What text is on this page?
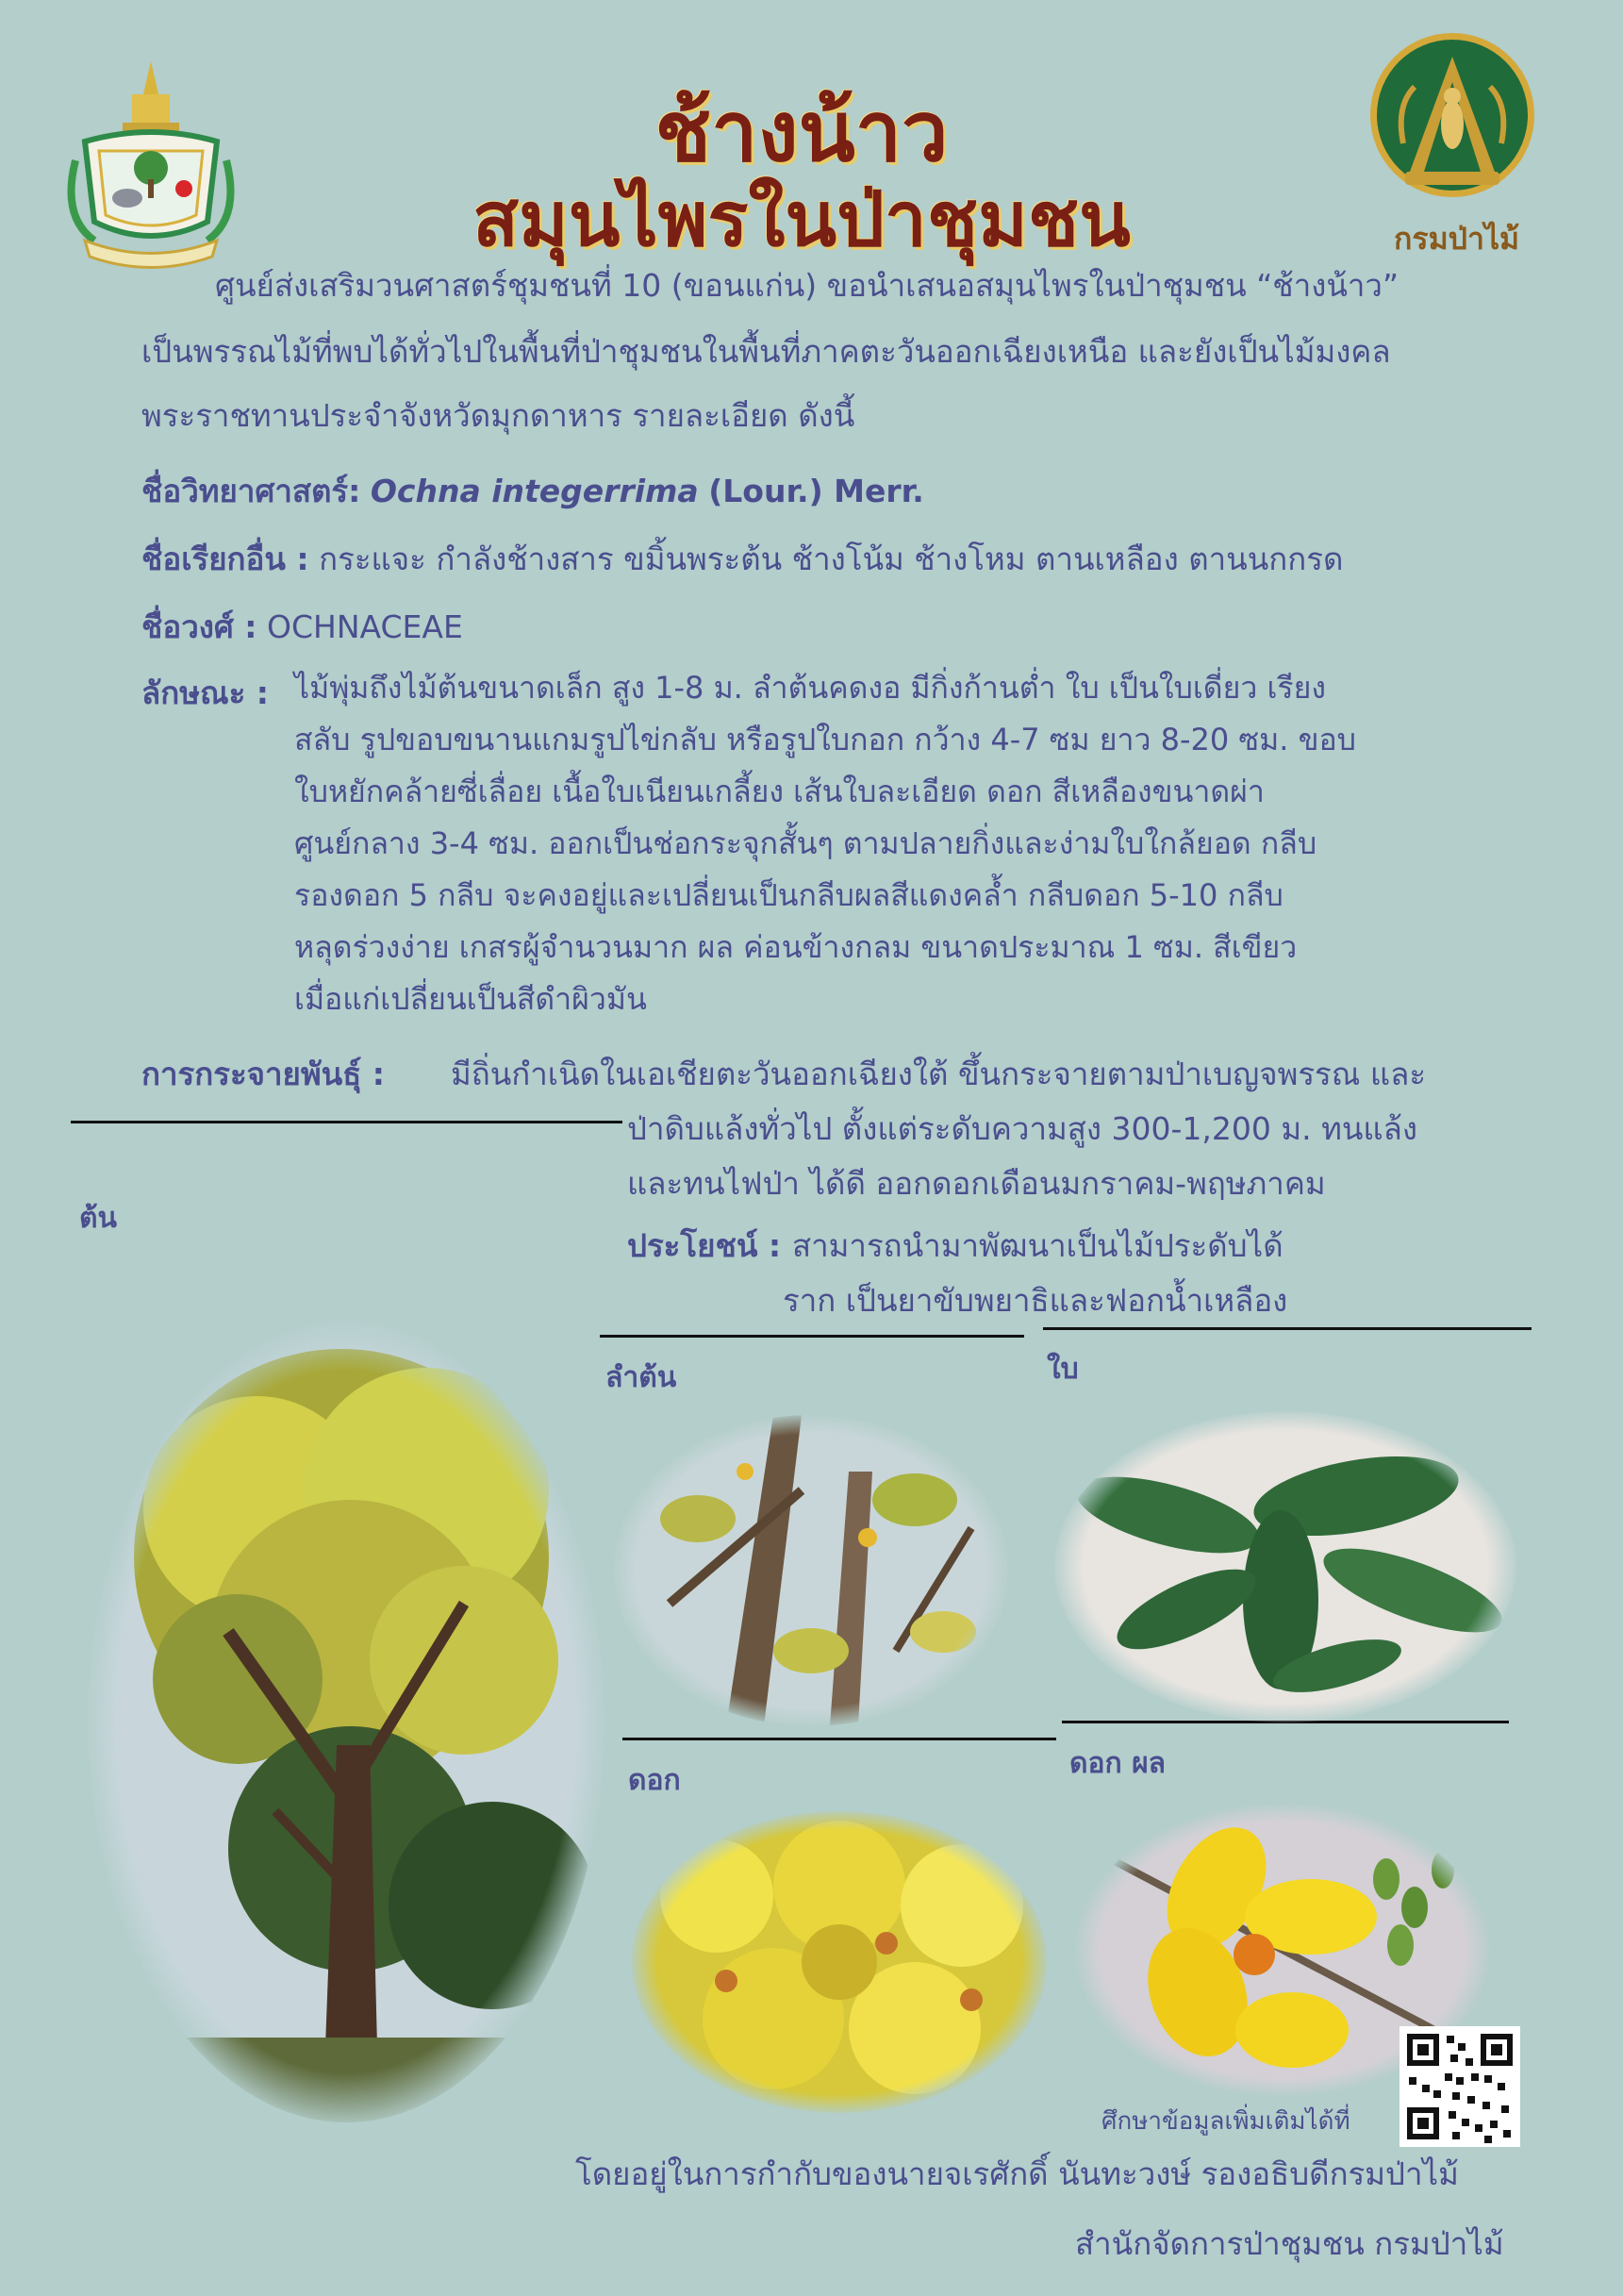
กรมป่าไม้
ช้างน้าว
สมุนไพรในป่าชุมชน
ศูนย์ส่งเสริมวนศาสตร์ชุมชนที่ 10 (ขอนแก่น) ขอนำเสนอสมุนไพรในป่าชุมชน “ช้างน้าว”
เป็นพรรณไม้ที่พบได้ทั่วไปในพื้นที่ป่าชุมชนในพื้นที่ภาคตะวันออกเฉียงเหนือ และยังเป็นไม้มงคล
พระราชทานประจำจังหวัดมุกดาหาร รายละเอียด ดังนี้
ชื่อวิทยาศาสตร์: Ochna integerrima (Lour.) Merr.
ชื่อเรียกอื่น : กระแจะ กำลังช้างสาร ขมิ้นพระต้น ช้างโน้ม ช้างโหม ตานเหลือง ตานนกกรด
ชื่อวงศ์ : OCHNACEAE
ลักษณะ : ไม้พุ่มถึงไม้ต้นขนาดเล็ก สูง 1-8 ม. ลำต้นคดงอ มีกิ่งก้านต่ำ ใบ เป็นใบเดี่ยว เรียง
สลับ รูปขอบขนานแกมรูปไข่กลับ หรือรูปใบกอก กว้าง 4-7 ซม ยาว 8-20 ซม. ขอบ
ใบหยักคล้ายซี่เลื่อย เนื้อใบเนียนเกลี้ยง เส้นใบละเอียด ดอก สีเหลืองขนาดผ่า
ศูนย์กลาง 3-4 ซม. ออกเป็นช่อกระจุกสั้นๆ ตามปลายกิ่งและง่ามใบใกล้ยอด กลีบ
รองดอก 5 กลีบ จะคงอยู่และเปลี่ยนเป็นกลีบผลสีแดงคล้ำ กลีบดอก 5-10 กลีบ
หลุดร่วงง่าย เกสรผู้จำนวนมาก ผล ค่อนข้างกลม ขนาดประมาณ 1 ซม. สีเขียว
เมื่อแก่เปลี่ยนเป็นสีดำผิวมัน
การกระจายพันธุ์ : มีถิ่นกำเนิดในเอเชียตะวันออกเฉียงใต้ ขึ้นกระจายตามป่าเบญจพรรณ และ
ป่าดิบแล้งทั่วไป ตั้งแต่ระดับความสูง 300-1,200 ม. ทนแล้ง
และทนไฟป่า ได้ดี ออกดอกเดือนมกราคม-พฤษภาคม
ประโยชน์ : สามารถนำมาพัฒนาเป็นไม้ประดับได้
ราก เป็นยาขับพยาธิและฟอกน้ำเหลือง
ต้น
ลำต้น	ใบ
ดอก
ดอก ผล
ศึกษาข้อมูลเพิ่มเติมได้ที่
โดยอยู่ในการกำกับของนายจเรศักดิ์ นันทะวงษ์ รองอธิบดีกรมป่าไม้
สำนักจัดการป่าชุมชน กรมป่าไม้
